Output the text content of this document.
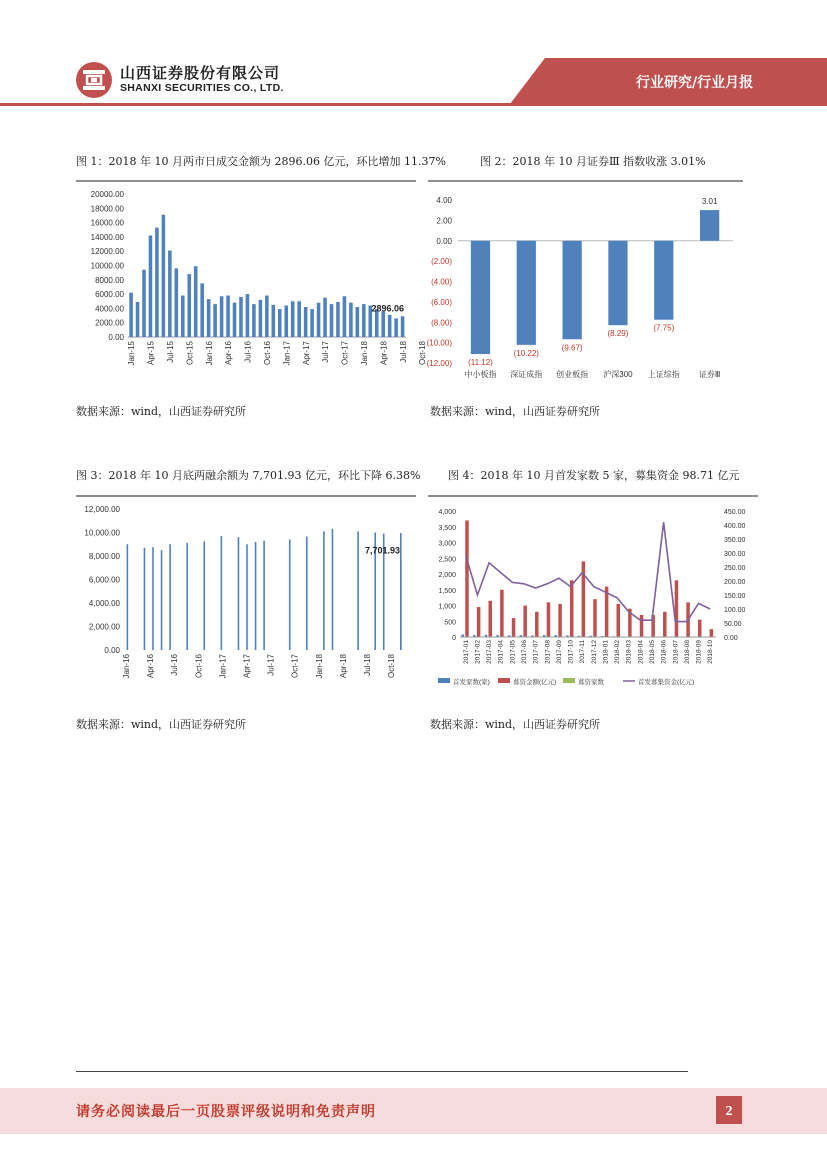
山西证券股份有限公司
SHANXI SECURITIES CO., LTD.	行业研究/行业月报
图 1：2018 年 10 月两市日成交金额为 2896.06 亿元，环比增加 11.37%
0.00
2000.00
4000.00
6000.00
8000.00
10000.00
12000.00
14000.00
16000.00
18000.00
20000.00
Jan-15 Apr-15 Jul-15 Oct-15 Jan-16 Apr-16 Jul-16 Oct-16 Jan-17 Apr-17 Jul-17 Oct-17 Jan-18 Apr-18 Jul-18 Oct-18
2896.06
数据来源：wind，山西证券研究所
图 2：2018 年 10 月证券Ⅲ 指数收涨 3.01%
(12.00)
(10.00)
(8.00)
(6.00)
(4.00)
(2.00)
0.00
2.00
4.00
(11.12)
中小板指
(10.22)
深证成指
(9.67)
创业板指
(8.29)
沪深300
(7.75)
上证综指
3.01
证券Ⅲ
数据来源：wind，山西证券研究所
图 3：2018 年 10 月底两融余额为 7,701.93 亿元，环比下降 6.38%
0.00
2,000.00
4,000.00
6,000.00
8,000.00
10,000.00
12,000.00
Jan-16 Apr-16 Jul-16 Oct-16 Jan-17 Apr-17 Jul-17 Oct-17 Jan-18 Apr-18 Jul-18 Oct-18
7,701.93
数据来源：wind，山西证券研究所
图 4：2018 年 10 月首发家数 5 家，募集资金 98.71 亿元
0
500
1,000
1,500
2,000
2,500
3,000
3,500
4,000
0.00
50.00
100.00
150.00
200.00
250.00
300.00
350.00
400.00
450.00
2017-01 2017-02 2017-03 2017-04 2017-05 2017-06 2017-07 2017-08 2017-09 2017-10 2017-11 2017-12 2018-01 2018-02 2018-03 2018-04 2018-05 2018-06 2018-07 2018-08 2018-09 2018-10
首发家数(家)	募资金额(亿元)	募资家数	首发募集资金(亿元)
数据来源：wind，山西证券研究所
请务必阅读最后一页股票评级说明和免责声明	2
